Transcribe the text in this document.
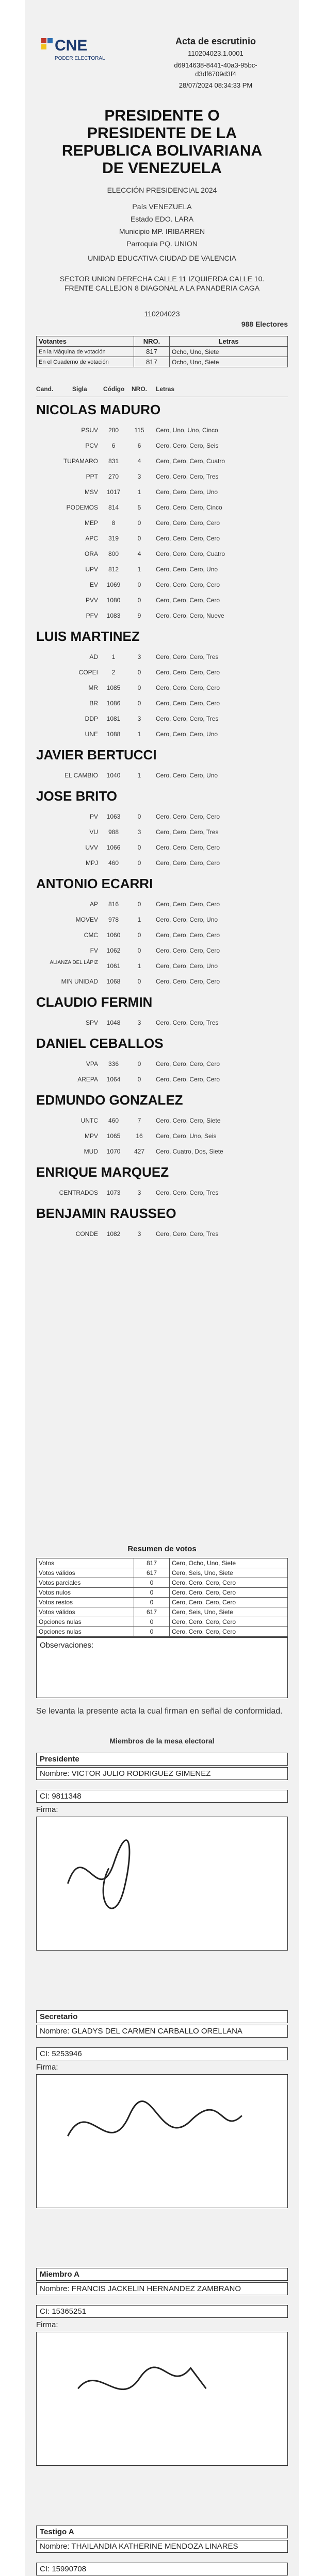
CNE
PODER ELECTORAL
Acta de escrutinio
110204023.1.0001
d6914638-8441-40a3-95bc-d3df6709d3f4
28/07/2024 08:34:33 PM
PRESIDENTE O PRESIDENTE DE LA REPUBLICA BOLIVARIANA DE VENEZUELA
ELECCIÓN PRESIDENCIAL 2024
País VENEZUELA
Estado EDO. LARA
Municipio MP. IRIBARREN
Parroquia PQ. UNION
UNIDAD EDUCATIVA CIUDAD DE VALENCIA
SECTOR UNION DERECHA CALLE 11 IZQUIERDA CALLE 10. FRENTE CALLEJON 8 DIAGONAL A LA PANADERIA CAGA
110204023
988 Electores
Votantes	NRO.	Letras
En la Máquina de votación	817	Ocho, Uno, Siete
En el Cuaderno de votación	817	Ocho, Uno, Siete
Cand.	Sigla	Código	NRO.	Letras
NICOLAS MADURO
PSUV	280	115	Cero, Uno, Uno, Cinco
PCV	6	6	Cero, Cero, Cero, Seis
TUPAMARO	831	4	Cero, Cero, Cero, Cuatro
PPT	270	3	Cero, Cero, Cero, Tres
MSV	1017	1	Cero, Cero, Cero, Uno
PODEMOS	814	5	Cero, Cero, Cero, Cinco
MEP	8	0	Cero, Cero, Cero, Cero
APC	319	0	Cero, Cero, Cero, Cero
ORA	800	4	Cero, Cero, Cero, Cuatro
UPV	812	1	Cero, Cero, Cero, Uno
EV	1069	0	Cero, Cero, Cero, Cero
PVV	1080	0	Cero, Cero, Cero, Cero
PFV	1083	9	Cero, Cero, Cero, Nueve
LUIS MARTINEZ
AD	1	3	Cero, Cero, Cero, Tres
COPEI	2	0	Cero, Cero, Cero, Cero
MR	1085	0	Cero, Cero, Cero, Cero
BR	1086	0	Cero, Cero, Cero, Cero
DDP	1081	3	Cero, Cero, Cero, Tres
UNE	1088	1	Cero, Cero, Cero, Uno
JAVIER BERTUCCI
EL CAMBIO	1040	1	Cero, Cero, Cero, Uno
JOSE BRITO
PV	1063	0	Cero, Cero, Cero, Cero
VU	988	3	Cero, Cero, Cero, Tres
UVV	1066	0	Cero, Cero, Cero, Cero
MPJ	460	0	Cero, Cero, Cero, Cero
ANTONIO ECARRI
AP	816	0	Cero, Cero, Cero, Cero
MOVEV	978	1	Cero, Cero, Cero, Uno
CMC	1060	0	Cero, Cero, Cero, Cero
FV	1062	0	Cero, Cero, Cero, Cero
ALIANZA DEL LÁPIZ	1061	1	Cero, Cero, Cero, Uno
MIN UNIDAD	1068	0	Cero, Cero, Cero, Cero
CLAUDIO FERMIN
SPV	1048	3	Cero, Cero, Cero, Tres
DANIEL CEBALLOS
VPA	336	0	Cero, Cero, Cero, Cero
AREPA	1064	0	Cero, Cero, Cero, Cero
EDMUNDO GONZALEZ
UNTC	460	7	Cero, Cero, Cero, Siete
MPV	1065	16	Cero, Cero, Uno, Seis
MUD	1070	427	Cero, Cuatro, Dos, Siete
ENRIQUE MARQUEZ
CENTRADOS	1073	3	Cero, Cero, Cero, Tres
BENJAMIN RAUSSEO
CONDE	1082	3	Cero, Cero, Cero, Tres
Resumen de votos
Votos	817	Cero, Ocho, Uno, Siete
Votos válidos	617	Cero, Seis, Uno, Siete
Votos parciales	0	Cero, Cero, Cero, Cero
Votos nulos	0	Cero, Cero, Cero, Cero
Votos restos	0	Cero, Cero, Cero, Cero
Votos válidos	617	Cero, Seis, Uno, Siete
Opciones nulas	0	Cero, Cero, Cero, Cero
Opciones nulas	0	Cero, Cero, Cero, Cero
Observaciones:
Se levanta la presente acta la cual firman en señal de conformidad.
Miembros de la mesa electoral
Presidente
Nombre: VICTOR JULIO RODRIGUEZ GIMENEZ
CI: 9811348
Firma:
Secretario
Nombre: GLADYS DEL CARMEN CARBALLO ORELLANA
CI: 5253946
Firma:
Miembro A
Nombre: FRANCIS JACKELIN HERNANDEZ ZAMBRANO
CI: 15365251
Firma:
Testigo A
Nombre: THAILANDIA KATHERINE MENDOZA LINARES
CI: 15990708
